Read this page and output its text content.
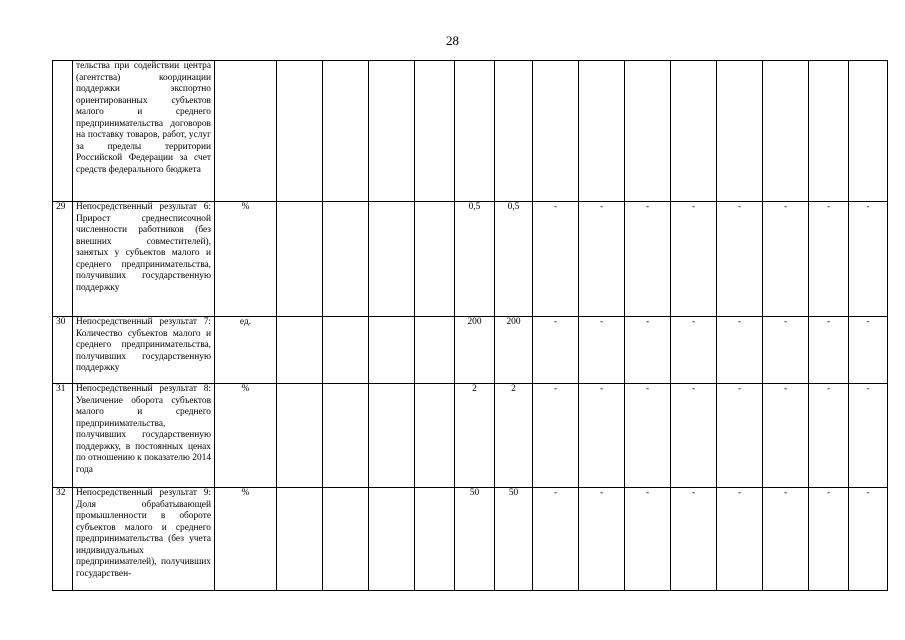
28
	тельства при содействии центра (агентства) координации поддержки экспортно ориентированных субъектов малого и среднего предпринимательства договоров на поставку товаров, работ, услуг за пределы территории Российской Федерации за счет средств федерального бюджета															
29	Непосредственный результат 6: Прирост среднесписочной численности работников (без внешних совместителей), занятых у субъектов малого и среднего предпринимательства, получивших государственную поддержку	%					0,5	0,5	-	-	-	-	-	-	-	-
30	Непосредственный результат 7: Количество субъектов малого и среднего предпринимательства, получивших государственную поддержку	ед.					200	200	-	-	-	-	-	-	-	-
31	Непосредственный результат 8: Увеличение оборота субъектов малого и среднего предпринимательства, получивших государственную поддержку, в постоянных ценах по отношению к показателю 2014 года	%					2	2	-	-	-	-	-	-	-	-
32	Непосредственный результат 9: Доля обрабатывающей промышленности в обороте субъектов малого и среднего предпринимательства (без учета индивидуальных предпринимателей), получивших государствен-	%					50	50	-	-	-	-	-	-	-	-
